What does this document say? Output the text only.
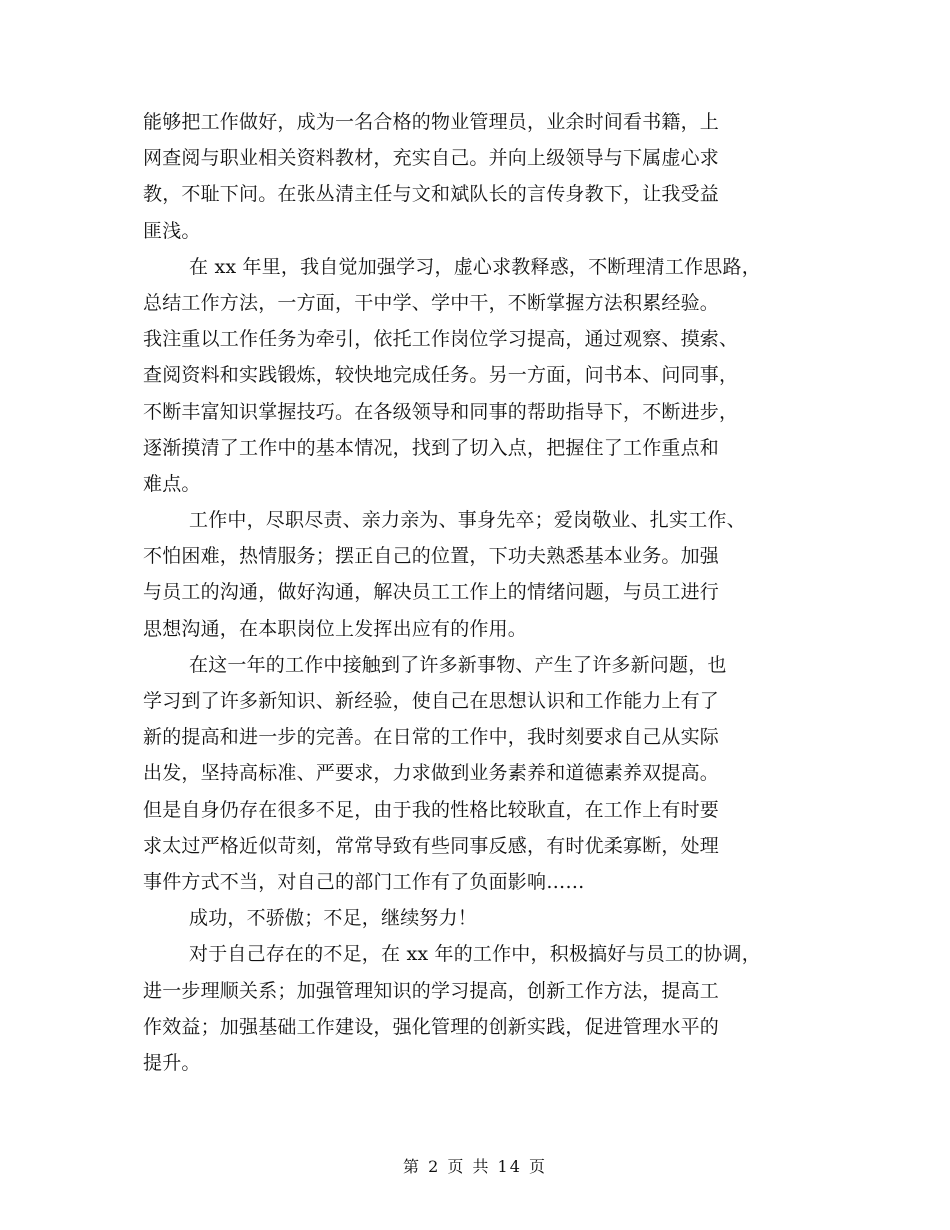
能够把工作做好，成为一名合格的物业管理员，业余时间看书籍，上
网查阅与职业相关资料教材，充实自己。并向上级领导与下属虚心求
教，不耻下问。在张丛清主任与文和斌队长的言传身教下，让我受益
匪浅。
在 xx 年里，我自觉加强学习，虚心求教释惑，不断理清工作思路，
总结工作方法，一方面，干中学、学中干，不断掌握方法积累经验。
我注重以工作任务为牵引，依托工作岗位学习提高，通过观察、摸索、
查阅资料和实践锻炼，较快地完成任务。另一方面，问书本、问同事，
不断丰富知识掌握技巧。在各级领导和同事的帮助指导下，不断进步，
逐渐摸清了工作中的基本情况，找到了切入点，把握住了工作重点和
难点。
工作中，尽职尽责、亲力亲为、事身先卒；爱岗敬业、扎实工作、
不怕困难，热情服务；摆正自己的位置，下功夫熟悉基本业务。加强
与员工的沟通，做好沟通，解决员工工作上的情绪问题，与员工进行
思想沟通，在本职岗位上发挥出应有的作用。
在这一年的工作中接触到了许多新事物、产生了许多新问题，也
学习到了许多新知识、新经验，使自己在思想认识和工作能力上有了
新的提高和进一步的完善。在日常的工作中，我时刻要求自己从实际
出发，坚持高标准、严要求，力求做到业务素养和道德素养双提高。
但是自身仍存在很多不足，由于我的性格比较耿直，在工作上有时要
求太过严格近似苛刻，常常导致有些同事反感，有时优柔寡断，处理
事件方式不当，对自己的部门工作有了负面影响……
成功，不骄傲；不足，继续努力！
对于自己存在的不足，在 xx 年的工作中，积极搞好与员工的协调，
进一步理顺关系；加强管理知识的学习提高，创新工作方法，提高工
作效益；加强基础工作建设，强化管理的创新实践，促进管理水平的
提升。
第 2 页 共 14 页
